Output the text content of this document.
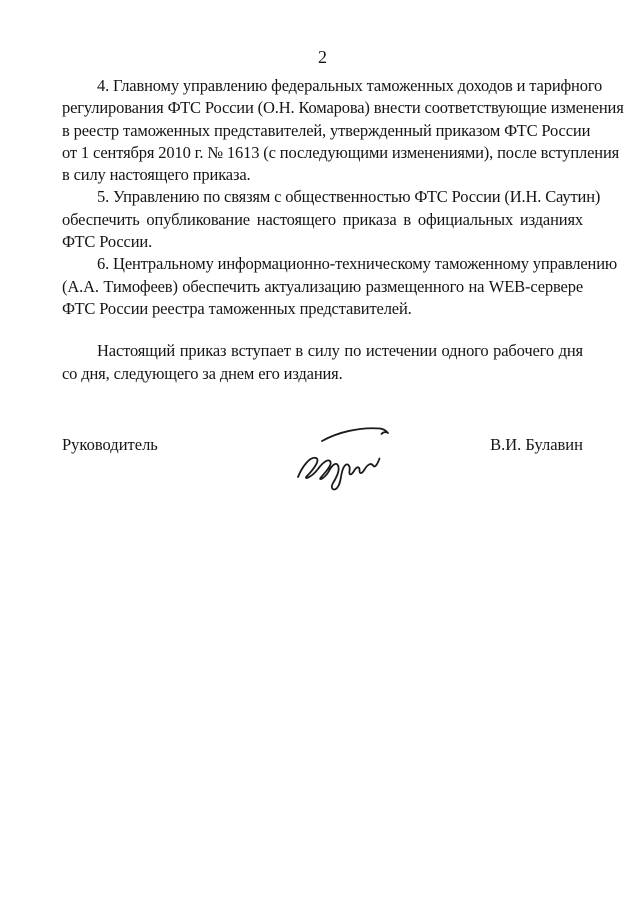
2
4. Главному управлению федеральных таможенных доходов и тарифного
регулирования ФТС России (О.Н. Комарова) внести соответствующие изменения
в реестр таможенных представителей, утвержденный приказом ФТС России
от 1 сентября 2010 г. № 1613 (с последующими изменениями), после вступления
в силу настоящего приказа.
5. Управлению по связям с общественностью ФТС России (И.Н. Саутин)
обеспечить опубликование настоящего приказа в официальных изданиях
ФТС России.
6. Центральному информационно-техническому таможенному управлению
(А.А. Тимофеев) обеспечить актуализацию размещенного на WEB-сервере
ФТС России реестра таможенных представителей.
Настоящий приказ вступает в силу по истечении одного рабочего дня
со дня, следующего за днем его издания.
Руководитель	В.И. Булавин
